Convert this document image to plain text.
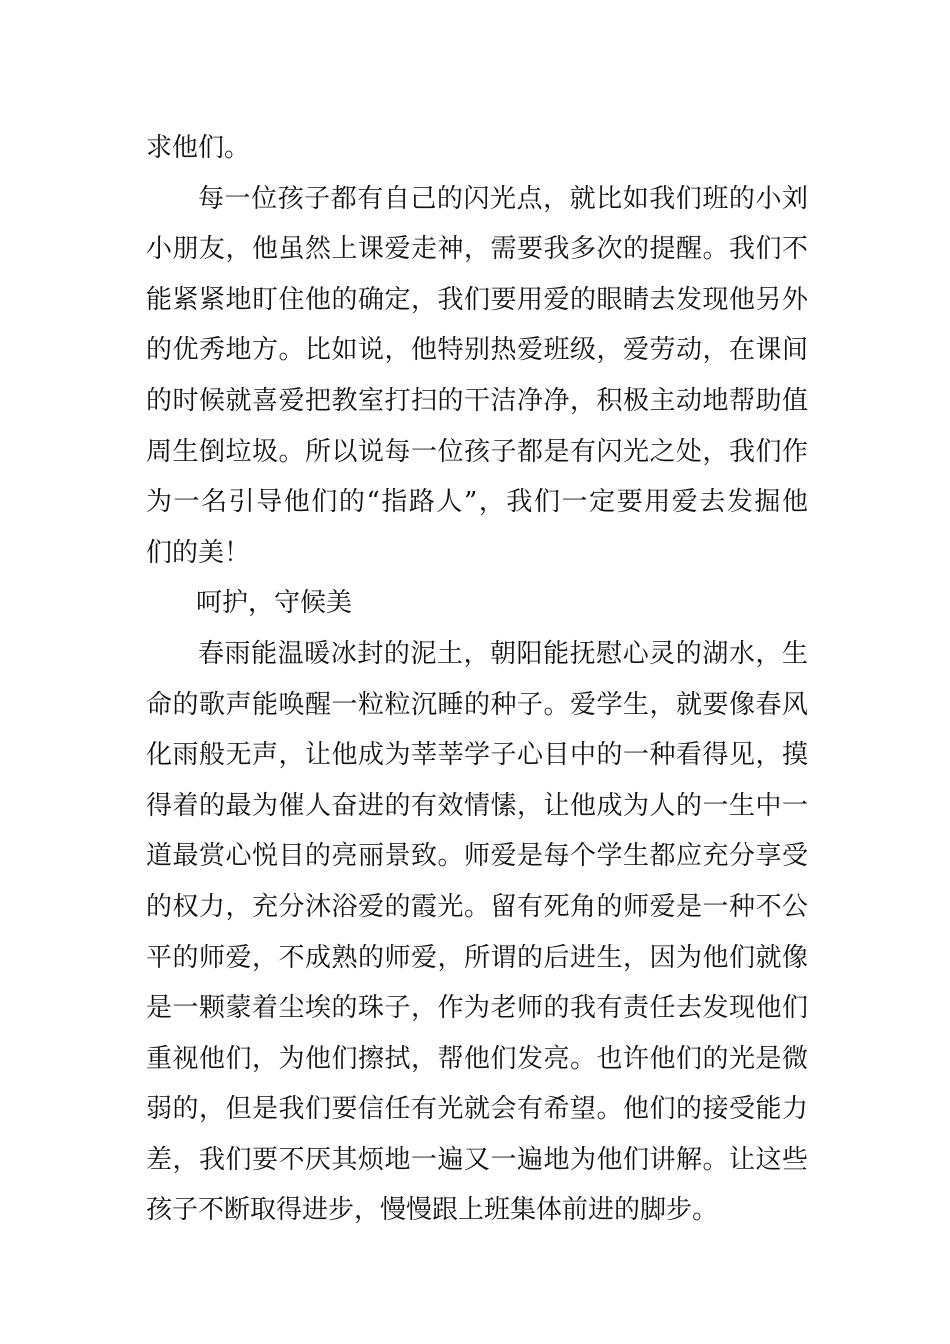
求他们。
每一位孩子都有自己的闪光点，就比如我们班的小刘
小朋友，他虽然上课爱走神，需要我多次的提醒。我们不
能紧紧地盯住他的确定，我们要用爱的眼睛去发现他另外
的优秀地方。比如说，他特别热爱班级，爱劳动，在课间
的时候就喜爱把教室打扫的干洁净净，积极主动地帮助值
周生倒垃圾。所以说每一位孩子都是有闪光之处，我们作
为一名引导他们的“指路人”，我们一定要用爱去发掘他
们的美！
呵护，守候美
春雨能温暖冰封的泥土，朝阳能抚慰心灵的湖水，生
命的歌声能唤醒一粒粒沉睡的种子。爱学生，就要像春风
化雨般无声，让他成为莘莘学子心目中的一种看得见，摸
得着的最为催人奋进的有效情愫，让他成为人的一生中一
道最赏心悦目的亮丽景致。师爱是每个学生都应充分享受
的权力，充分沐浴爱的霞光。留有死角的师爱是一种不公
平的师爱，不成熟的师爱，所谓的后进生，因为他们就像
是一颗蒙着尘埃的珠子，作为老师的我有责任去发现他们
重视他们，为他们擦拭，帮他们发亮。也许他们的光是微
弱的，但是我们要信任有光就会有希望。他们的接受能力
差，我们要不厌其烦地一遍又一遍地为他们讲解。让这些
孩子不断取得进步，慢慢跟上班集体前进的脚步。
